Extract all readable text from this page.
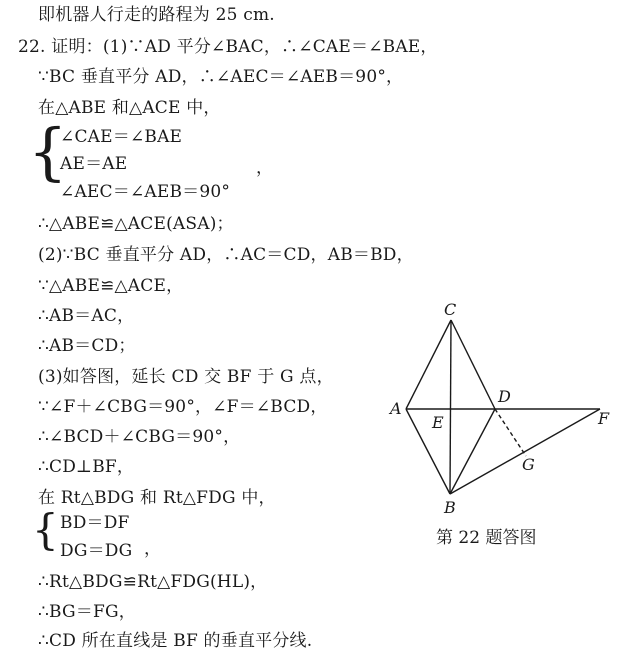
即机器人行走的路程为 25 cm.
22. 证明：(1)∵AD 平分∠BAC，∴∠CAE＝∠BAE，
∵BC 垂直平分 AD，∴∠AEC＝∠AEB＝90°，
在△ABE 和△ACE 中，
{
∠CAE＝∠BAE
AE＝AE
∠AEC＝∠AEB＝90°
，
∴△ABE≌△ACE(ASA)；
(2)∵BC 垂直平分 AD，∴AC＝CD，AB＝BD，
∵△ABE≌△ACE，
∴AB＝AC，
∴AB＝CD；
(3)如答图，延长 CD 交 BF 于 G 点，
∵∠F＋∠CBG＝90°，∠F＝∠BCD，
∴∠BCD＋∠CBG＝90°，
∴CD⊥BF，
在 Rt△BDG 和 Rt△FDG 中，
{ BD＝DF
DG＝DG ，
∴Rt△BDG≌Rt△FDG(HL)，
∴BG＝FG，
∴CD 所在直线是 BF 的垂直平分线.
C
A
E
D
F
G
B
第 22 题答图
